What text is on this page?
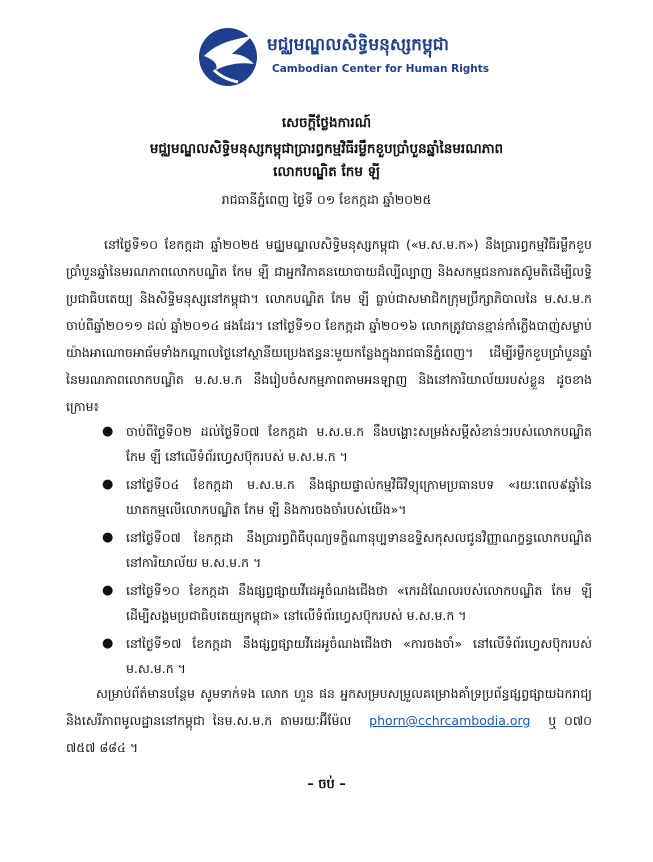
មជ្ឈមណ្ឌលសិទ្ធិមនុស្សកម្ពុជា
Cambodian Center for Human Rights
សេចក្តីថ្លែងការណ៍
មជ្ឈមណ្ឌលសិទ្ធិមនុស្សកម្ពុជាប្រារព្ធកម្មវិធីរម្លឹកខួបប្រាំបួនឆ្នាំនៃមរណភាព
លោកបណ្ឌិត កែម ឡី
រាជធានីភ្នំពេញ ថ្ងៃទី ០១ ខែកក្កដា ឆ្នាំ២០២៥
នៅថ្ងៃទី១០ ខែកក្កដា ឆ្នាំ២០២៥ មជ្ឈមណ្ឌលសិទ្ធិមនុស្សកម្ពុជា («ម.ស.ម.ក») នឹងប្រារព្ធកម្មវិធីរម្លឹកខួបប្រាំបួនឆ្នាំនៃមរណភាពលោកបណ្ឌិត កែម ឡី ជាអ្នកវិភាគនយោបាយដ៏ល្បីល្បាញ និងសកម្មជនការតស៊ូមតិដើម្បីលទ្ធិប្រជាធិបតេយ្យ និងសិទ្ធិមនុស្សនៅកម្ពុជា។ លោកបណ្ឌិត កែម ឡី ធ្លាប់ជាសមាជិកក្រុមប្រឹក្សាភិបាលនៃ ម.ស.ម.ក ចាប់ពីឆ្នាំ២០១១ ដល់ ឆ្នាំ២០១៤ ផងដែរ។ នៅថ្ងៃទី១០ ខែកក្កដា ឆ្នាំ២០១៦ លោកត្រូវបានខ្មាន់កាំភ្លើងបាញ់សម្លាប់យ៉ាងអាណោចអាធ័មទាំងកណ្តាលថ្ងៃនៅស្ថានីយប្រេងឥន្ធនៈមួយកន្លែងក្នុងរាជធានីភ្នំពេញ។ ដើម្បីរម្លឹកខួបប្រាំបួនឆ្នាំនៃមរណភាពលោកបណ្ឌិត ម.ស.ម.ក នឹងរៀបចំសកម្មភាពតាមអនឡាញ និងនៅការិយាល័យរបស់ខ្លួន ដូចខាងក្រោម៖
● ចាប់ពីថ្ងៃទី០២ ដល់ថ្ងៃទី០៧ ខែកក្កដា ម.ស.ម.ក នឹងបង្ហោះសម្រង់សម្តីសំខាន់ៗរបស់លោកបណ្ឌិត កែម ឡី នៅលើទំព័រហ្វេសប៊ុករបស់ ម.ស.ម.ក ។
● នៅថ្ងៃទី០៤ ខែកក្កដា ម.ស.ម.ក នឹងផ្សាយផ្ទាល់កម្មវិធីវិទ្យុក្រោមប្រធានបទ «រយៈពេល៩ឆ្នាំនៃឃាតកម្មលើលោកបណ្ឌិត កែម ឡី និងការចងចាំរបស់យើង»។
● នៅថ្ងៃទី០៧ ខែកក្កដា នឹងប្រារព្ធពិធីបុណ្យទក្ខិណានុប្បទានឧទ្ទិសកុសលជូនវិញ្ញាណក្ខន្ធលោកបណ្ឌិត នៅការិយាល័យ ម.ស.ម.ក ។
● នៅថ្ងៃទី១០ ខែកក្កដា នឹងផ្សព្វផ្សាយវីដេអូចំណងជើងថា «កេរដំណែលរបស់លោកបណ្ឌិត កែម ឡី ដើម្បីសង្គមប្រជាធិបតេយ្យកម្ពុជា» នៅលើទំព័រហ្វេសប៊ុករបស់ ម.ស.ម.ក ។
● នៅថ្ងៃទី១៧ ខែកក្កដា នឹងផ្សព្វផ្សាយវីដេអូចំណងជើងថា «ការចងចាំ» នៅលើទំព័រហ្វេសប៊ុករបស់ ម.ស.ម.ក ។
សម្រាប់ព័ត៌មានបន្ថែម សូមទាក់ទង លោក ហួន ផន អ្នកសម្របសម្រួលគម្រោងគាំទ្រប្រព័ន្ធផ្សព្វផ្សាយឯករាជ្យ និងសេរីភាពមូលដ្ឋាននៅកម្ពុជា នៃម.ស.ម.ក តាមរយៈអ៊ីម៉ែល phorn@cchrcambodia.org ឬ ០៧០ ៧៥៧ ៨៨៤ ។
– ចប់ –
